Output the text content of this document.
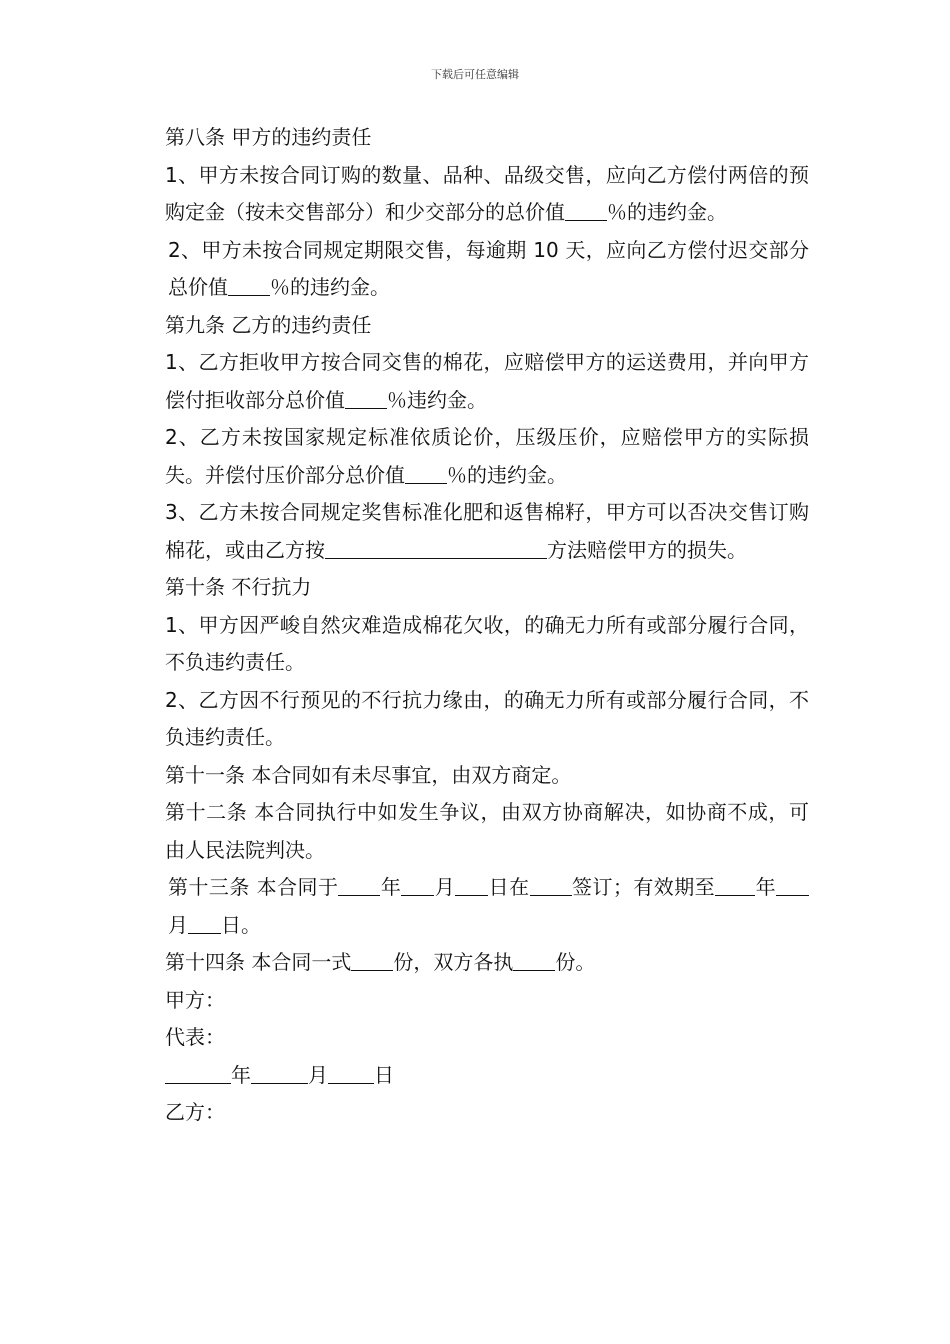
下载后可任意编辑

第八条 甲方的违约责任

1、甲方未按合同订购的数量、品种、品级交售，应向乙方偿付两倍的预购定金（按未交售部分）和少交部分的总价值 ％的违约金。

2、甲方未按合同规定期限交售，每逾期 10 天，应向乙方偿付迟交部分总价值 ％的违约金。

第九条 乙方的违约责任

1、乙方拒收甲方按合同交售的棉花，应赔偿甲方的运送费用，并向甲方偿付拒收部分总价值 ％违约金。

2、乙方未按国家规定标准依质论价，压级压价，应赔偿甲方的实际损失。并偿付压价部分总价值 ％的违约金。

3、乙方未按合同规定奖售标准化肥和返售棉籽，甲方可以否决交售订购棉花，或由乙方按	方法赔偿甲方的损失。

第十条 不行抗力

1、甲方因严峻自然灾难造成棉花欠收，的确无力所有或部分履行合同，不负违约责任。

2、乙方因不行预见的不行抗力缘由，的确无力所有或部分履行合同，不负违约责任。

第十一条 本合同如有未尽事宜，由双方商定。

第十二条 本合同执行中如发生争议，由双方协商解决，如协商不成，可由人民法院判决。

第十三条 本合同于 年 月 日在 签订；有效期至 年月 日。

第十四条 本合同一式 份，双方各执 份。

甲方：

代表：

年	月 日

乙方：
